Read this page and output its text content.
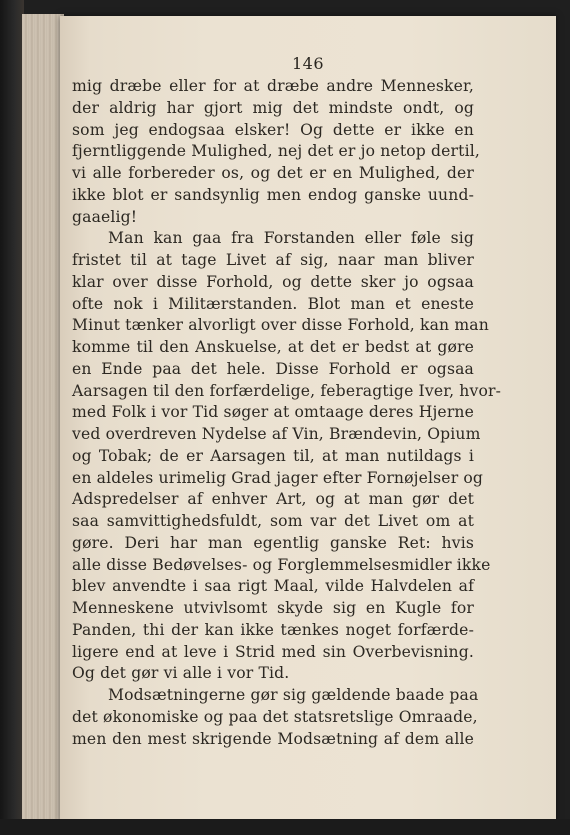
146
mig dræbe eller for at dræbe andre Mennesker,
der aldrig har gjort mig det mindste ondt, og
som jeg endogsaa elsker! Og dette er ikke en
fjerntliggende Mulighed, nej det er jo netop dertil,
vi alle forbereder os, og det er en Mulighed, der
ikke blot er sandsynlig men endog ganske uund-
gaaelig!
Man kan gaa fra Forstanden eller føle sig
fristet til at tage Livet af sig, naar man bliver
klar over disse Forhold, og dette sker jo ogsaa
ofte nok i Militærstanden. Blot man et eneste
Minut tænker alvorligt over disse Forhold, kan man
komme til den Anskuelse, at det er bedst at gøre
en Ende paa det hele. Disse Forhold er ogsaa
Aarsagen til den forfærdelige, feberagtige Iver, hvor-
med Folk i vor Tid søger at omtaage deres Hjerne
ved overdreven Nydelse af Vin, Brændevin, Opium
og Tobak; de er Aarsagen til, at man nutildags i
en aldeles urimelig Grad jager efter Fornøjelser og
Adspredelser af enhver Art, og at man gør det
saa samvittighedsfuldt, som var det Livet om at
gøre. Deri har man egentlig ganske Ret: hvis
alle disse Bedøvelses- og Forglemmelsesmidler ikke
blev anvendte i saa rigt Maal, vilde Halvdelen af
Menneskene utvivlsomt skyde sig en Kugle for
Panden, thi der kan ikke tænkes noget forfærde-
ligere end at leve i Strid med sin Overbevisning.
Og det gør vi alle i vor Tid.
Modsætningerne gør sig gældende baade paa
det økonomiske og paa det statsretslige Omraade,
men den mest skrigende Modsætning af dem alle
